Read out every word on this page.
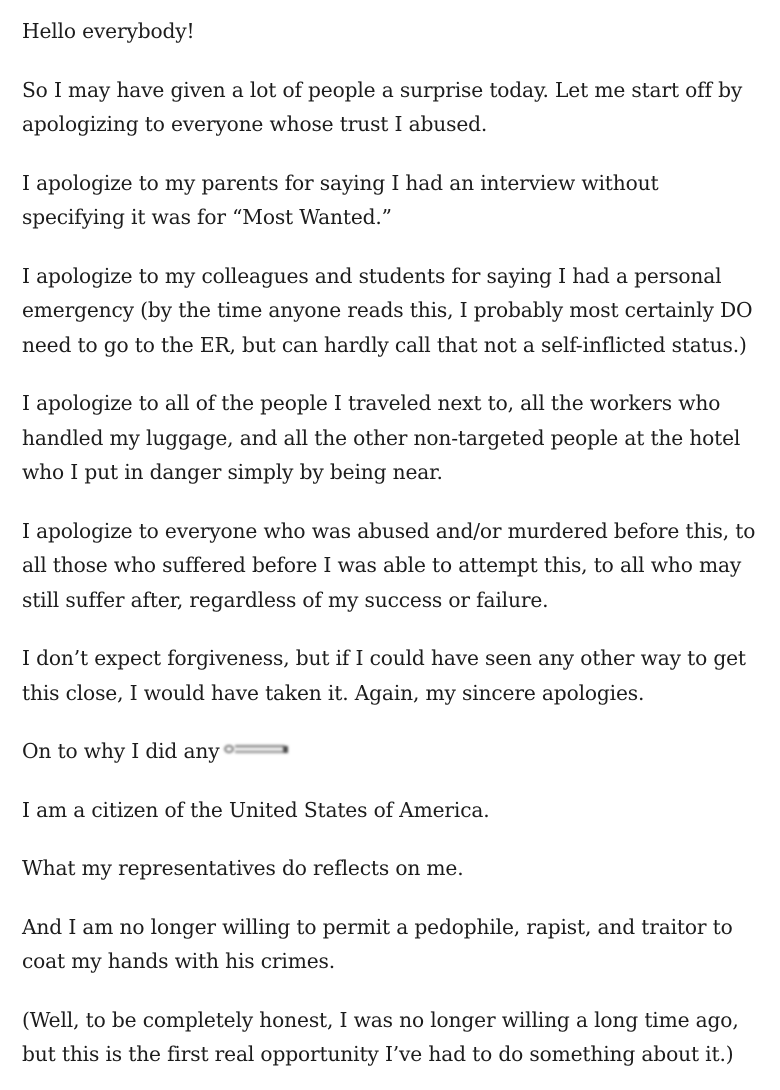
Hello everybody!

So I may have given a lot of people a surprise today. Let me start off by apologizing to everyone whose trust I abused.

I apologize to my parents for saying I had an interview without specifying it was for “Most Wanted.”

I apologize to my colleagues and students for saying I had a personal emergency (by the time anyone reads this, I probably most certainly DO need to go to the ER, but can hardly call that not a self-inflicted status.)

I apologize to all of the people I traveled next to, all the workers who handled my luggage, and all the other non-targeted people at the hotel who I put in danger simply by being near.

I apologize to everyone who was abused and/or murdered before this, to all those who suffered before I was able to attempt this, to all who may still suffer after, regardless of my success or failure.

I don’t expect forgiveness, but if I could have seen any other way to get this close, I would have taken it. Again, my sincere apologies.

On to why I did any

I am a citizen of the United States of America.

What my representatives do reflects on me.

And I am no longer willing to permit a pedophile, rapist, and traitor to coat my hands with his crimes.

(Well, to be completely honest, I was no longer willing a long time ago, but this is the first real opportunity I’ve had to do something about it.)
